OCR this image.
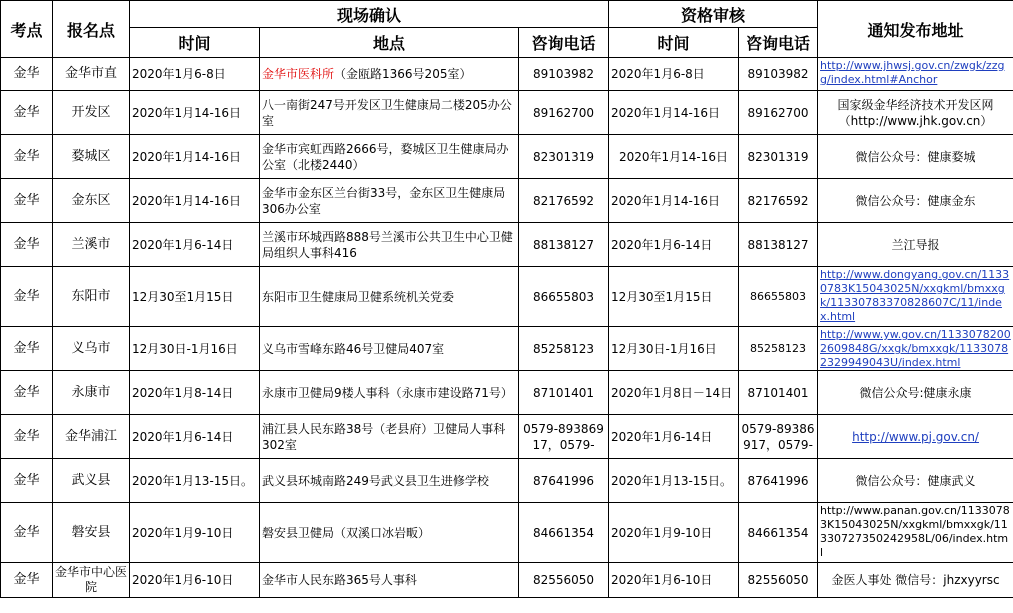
考点	报名点	现场确认			资格审核		通知发布地址
		时间	地点	咨询电话	时间	咨询电话	
金华	金华市直	2020年1月6-8日	金华市医科所（金瓯路1366号205室）	89103982	2020年1月6-8日	89103982	http://www.jhwsj.gov.cn/zwgk/zzgg/index.html#Anchor

金华	开发区	2020年1月14-16日	八一南街247号开发区卫生健康局二楼205办公室	89162700	2020年1月14-16日	89162700	国家级金华经济技术开发区网（http://www.jhk.gov.cn）
金华	婺城区	2020年1月14-16日	金华市宾虹西路2666号，婺城区卫生健康局办公室（北楼2440）	82301319	2020年1月14-16日	82301319	微信公众号：健康婺城
金华	金东区	2020年1月14-16日	金华市金东区兰台街33号，金东区卫生健康局306办公室	82176592	2020年1月14-16日	82176592	微信公众号：健康金东
金华	兰溪市	2020年1月6-14日	兰溪市环城西路888号兰溪市公共卫生中心卫健局组织人事科416	88138127	2020年1月6-14日	88138127	兰江导报
金华	东阳市	12月30至1月15日	东阳市卫生健康局卫健系统机关党委	86655803	12月30至1月15日	86655803	http://www.dongyang.gov.cn/11330783K15043025N/xxgkml/bmxxgk/11330783370828607C/11/index.html

金华	义乌市	12月30日-1月16日	义乌市雪峰东路46号卫健局407室	85258123	12月30日-1月16日	85258123	http://www.yw.gov.cn/11330782002609848G/xxgk/bmxxgk/11330782329949043U/index.html

金华	永康市	2020年1月8-14日	永康市卫健局9楼人事科（永康市建设路71号）	87101401	2020年1月8日－14日	87101401	微信公众号:健康永康
金华	金华浦江	2020年1月6-14日	浦江县人民东路38号（老县府）卫健局人事科302室	0579-89386917，0579-	2020年1月6-14日	0579-89386917，0579-	http://www.pj.gov.cn/
金华	武义县	2020年1月13-15日。	武义县环城南路249号武义县卫生进修学校	87641996	2020年1月13-15日。	87641996	微信公众号：健康武义
金华	磐安县	2020年1月9-10日	磐安县卫健局（双溪口冰岩畈）	84661354	2020年1月9-10日	84661354	http://www.panan.gov.cn/11330783K15043025N/xxgkml/bmxxgk/11330727350242958L/06/index.html

金华	金华市中心医院	2020年1月6-10日	金华市人民东路365号人事科	82556050	2020年1月6-10日	82556050	金医人事处 微信号：jhzxyyrsc
